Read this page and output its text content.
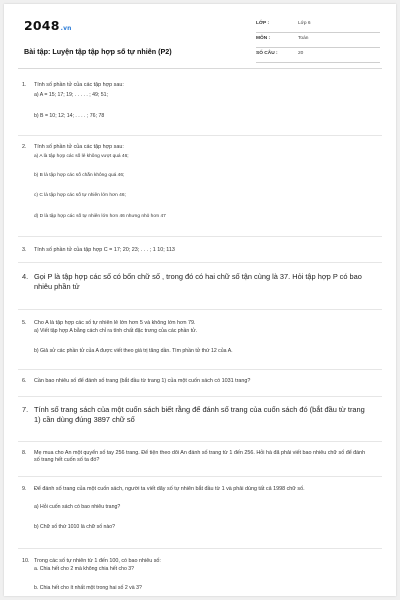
2048.vn
Bài tập: Luyện tập tập hợp số tự nhiên (P2)
LỚP :	Lớp 6
MÔN :	Toán
SỐ CÂU :	20
1. Tính số phần tử của các tập hợp sau:
a) A = 15; 17; 19; . . . . . ; 49; 51;
b) B = 10; 12; 14; . . . . ; 76; 78
2. Tính số phần tử của các tập hợp sau:
a) A là tập hợp các số lẻ không vượt quá 46;
b) B là tập hợp các số chẵn không quá 46;
c) C là tập hợp các số tự nhiên lớn hơn 46;
d) D là tập hợp các số tự nhiên lớn hơn 46 nhưng nhỏ hơn 47
3. Tính số phần tử của tập hợp C = 17; 20; 23; . . . ; 1 10; 113
4. Gọi P là tập hợp các số có bốn chữ số , trong đó có hai chữ số tận cùng là 37. Hỏi tập hợp P có bao nhiêu phần tử
5. Cho A là tập hợp các số tự nhiên lẻ lớn hơn 5 và không lớn hơn 79.
a) Viết tập hợp A bằng cách chỉ ra tính chất đặc trưng của các phần tử.
b) Giả sử các phần tử của A được viết theo giá trị tăng dần. Tìm phần tử thứ 12 của A.
6. Cần bao nhiêu số để đánh số trang (bắt đầu từ trang 1) của một cuốn sách có 1031 trang?
7. Tính số trang sách của một cuốn sách biết rằng để đánh số trang của cuốn sách đó (bắt đầu từ trang 1) cần dùng đúng 3897 chữ số
8. Mẹ mua cho An một quyển số tay 256 trang. Để tiện theo dõi An đánh số trang từ 1 đến 256. Hỏi hà đã phải viết bao nhiêu chữ số để đánh số trang hết cuốn số ta đó?
9. Để đánh số trang của một cuốn sách, người ta viết dãy số tự nhiên bắt đầu từ 1 và phải dùng tất cả 1998 chữ số.
a) Hỏi cuốn sách có bao nhiêu trang?
b) Chữ số thứ 1010 là chữ số nào?
10. Trong các số tự nhiên từ 1 đến 100, có bao nhiêu số:
a. Chia hết cho 2 mà không chia hết cho 3?
b. Chia hết cho ít nhất một trong hai số 2 và 3?
